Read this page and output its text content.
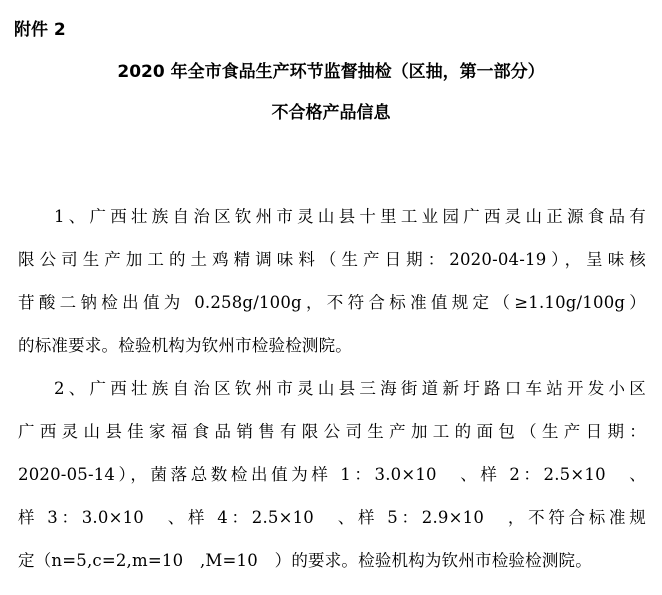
附件 2
2020 年全市食品生产环节监督抽检（区抽，第一部分）
不合格产品信息
1、广西壮族自治区钦州市灵山县十里工业园广西灵山正源食品有
限公司生产加工的土鸡精调味料（生产日期：2020-04-19），呈味核
苷酸二钠检出值为 0.258g/100g，不符合标准值规定（≥1.10g/100g）
的标准要求。检验机构为钦州市检验检测院。
2、广西壮族自治区钦州市灵山县三海街道新圩路口车站开发小区
广西灵山县佳家福食品销售有限公司生产加工的面包（生产日期：
2020-05-14），菌落总数检出值为样 1：3.0×10　、样 2：2.5×10　、
样 3：3.0×10　、样 4：2.5×10　、样 5：2.9×10　，不符合标准规
定（n=5,c=2,m=10　,M=10　）的要求。检验机构为钦州市检验检测院。
